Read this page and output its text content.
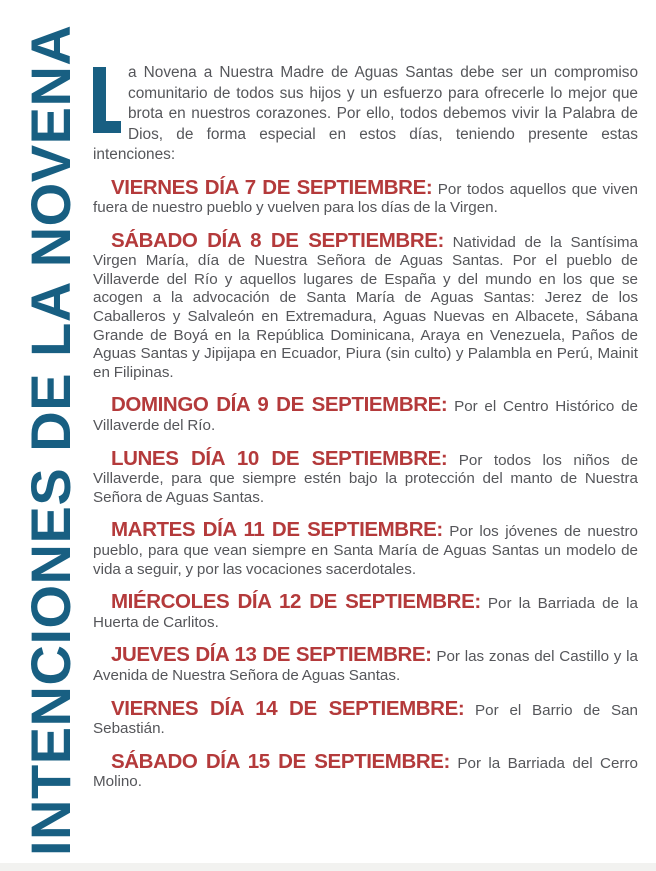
INTENCIONES DE LA NOVENA	a Novena a Nuestra Madre de Aguas Santas debe ser un compromiso comunitario de todos sus hijos y un esfuerzo para ofrecerle lo mejor que brota en nuestros corazones. Por ello, todos debemos vivir la Palabra de Dios, de forma especial en estos días, teniendo presente estas intenciones:

VIERNES DÍA 7 DE SEPTIEMBRE: Por todos aquellos que viven fuera de nuestro pueblo y vuelven para los días de la Virgen.

SÁBADO DÍA 8 DE SEPTIEMBRE: Natividad de la Santísima Virgen María, día de Nuestra Señora de Aguas Santas. Por el pueblo de Villaverde del Río y aquellos lugares de España y del mundo en los que se acogen a la advocación de Santa María de Aguas Santas: Jerez de los Caballeros y Salvaleón en Extremadura, Aguas Nuevas en Albacete, Sábana Grande de Boyá en la República Dominicana, Araya en Venezuela, Paños de Aguas Santas y Jipijapa en Ecuador, Piura (sin culto) y Palambla en Perú, Mainit en Filipinas.

DOMINGO DÍA 9 DE SEPTIEMBRE: Por el Centro Histórico de Villaverde del Río.

LUNES DÍA 10 DE SEPTIEMBRE: Por todos los niños de Villaverde, para que siempre estén bajo la protección del manto de Nuestra Señora de Aguas Santas.

MARTES DÍA 11 DE SEPTIEMBRE: Por los jóvenes de nuestro pueblo, para que vean siempre en Santa María de Aguas Santas un modelo de vida a seguir, y por las vocaciones sacerdotales.

MIÉRCOLES DÍA 12 DE SEPTIEMBRE: Por la Barriada de la Huerta de Carlitos.

JUEVES DÍA 13 DE SEPTIEMBRE: Por las zonas del Castillo y la Avenida de Nuestra Señora de Aguas Santas.

VIERNES DÍA 14 DE SEPTIEMBRE: Por el Barrio de San Sebastián.

SÁBADO DÍA 15 DE SEPTIEMBRE: Por la Barriada del Cerro Molino.
